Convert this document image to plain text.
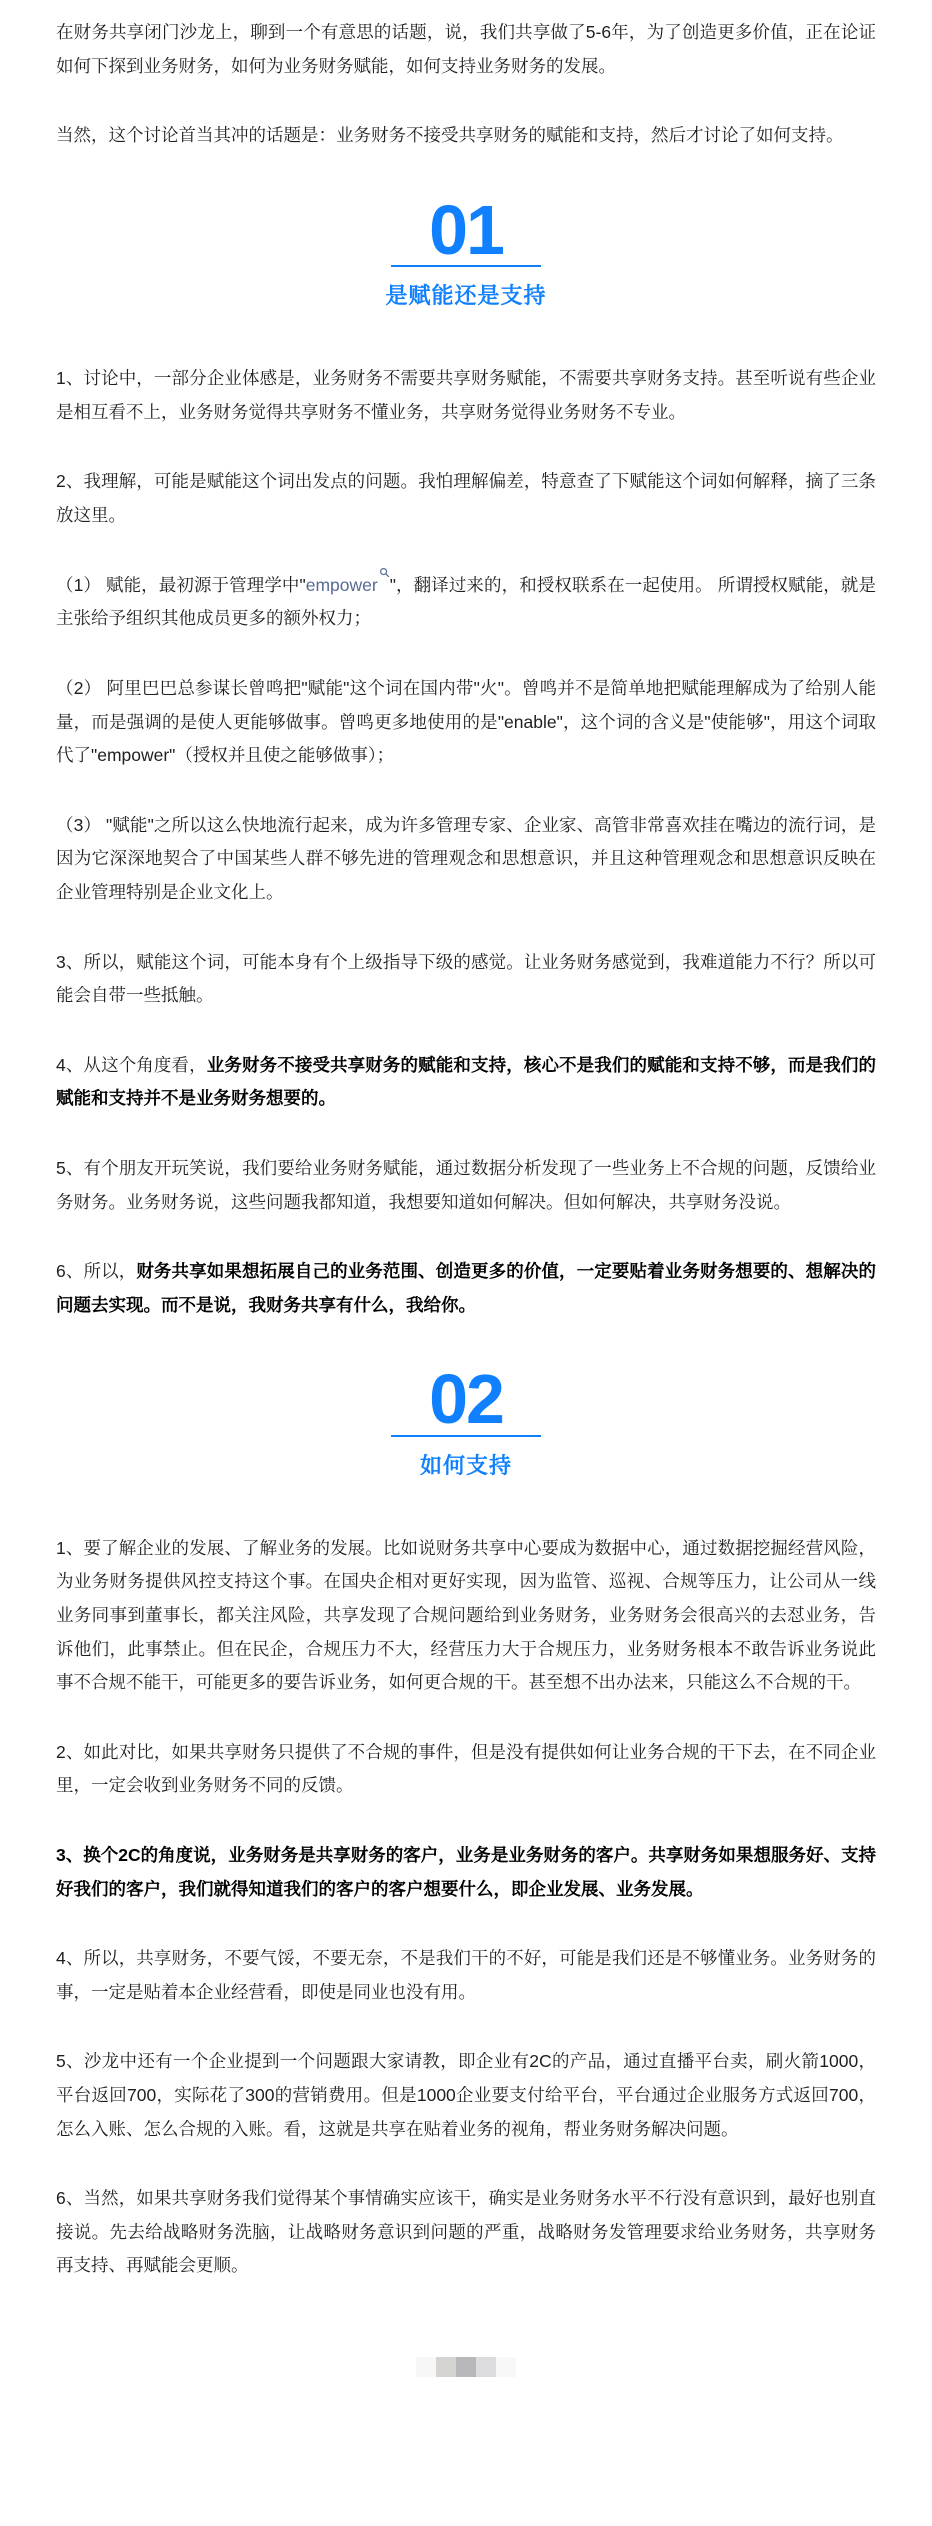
在财务共享闭门沙龙上，聊到一个有意思的话题，说，我们共享做了5-6年，为了创造更多价值，正在论证如何下探到业务财务，如何为业务财务赋能，如何支持业务财务的发展。

当然，这个讨论首当其冲的话题是：业务财务不接受共享财务的赋能和支持，然后才讨论了如何支持。

01
是赋能还是支持

1、讨论中，一部分企业体感是，业务财务不需要共享财务赋能，不需要共享财务支持。甚至听说有些企业是相互看不上，业务财务觉得共享财务不懂业务，共享财务觉得业务财务不专业。

2、我理解，可能是赋能这个词出发点的问题。我怕理解偏差，特意查了下赋能这个词如何解释，摘了三条放这里。

（1） 赋能，最初源于管理学中"empower "，翻译过来的，和授权联系在一起使用。 所谓授权赋能，就是主张给予组织其他成员更多的额外权力；

（2） 阿里巴巴总参谋长曾鸣把"赋能"这个词在国内带"火"。曾鸣并不是简单地把赋能理解成为了给别人能量，而是强调的是使人更能够做事。曾鸣更多地使用的是"enable"，这个词的含义是"使能够"，用这个词取代了"empower"（授权并且使之能够做事）；

（3） "赋能"之所以这么快地流行起来，成为许多管理专家、企业家、高管非常喜欢挂在嘴边的流行词，是因为它深深地契合了中国某些人群不够先进的管理观念和思想意识，并且这种管理观念和思想意识反映在企业管理特别是企业文化上。

3、所以，赋能这个词，可能本身有个上级指导下级的感觉。让业务财务感觉到，我难道能力不行？所以可能会自带一些抵触。

4、从这个角度看，业务财务不接受共享财务的赋能和支持，核心不是我们的赋能和支持不够，而是我们的赋能和支持并不是业务财务想要的。

5、有个朋友开玩笑说，我们要给业务财务赋能，通过数据分析发现了一些业务上不合规的问题，反馈给业务财务。业务财务说，这些问题我都知道，我想要知道如何解决。但如何解决，共享财务没说。

6、所以，财务共享如果想拓展自己的业务范围、创造更多的价值，一定要贴着业务财务想要的、想解决的问题去实现。而不是说，我财务共享有什么，我给你。

02
如何支持

1、要了解企业的发展、了解业务的发展。比如说财务共享中心要成为数据中心，通过数据挖掘经营风险，为业务财务提供风控支持这个事。在国央企相对更好实现，因为监管、巡视、合规等压力，让公司从一线业务同事到董事长，都关注风险，共享发现了合规问题给到业务财务，业务财务会很高兴的去怼业务，告诉他们，此事禁止。但在民企，合规压力不大，经营压力大于合规压力，业务财务根本不敢告诉业务说此事不合规不能干，可能更多的要告诉业务，如何更合规的干。甚至想不出办法来，只能这么不合规的干。

2、如此对比，如果共享财务只提供了不合规的事件，但是没有提供如何让业务合规的干下去，在不同企业里，一定会收到业务财务不同的反馈。

3、换个2C的角度说，业务财务是共享财务的客户，业务是业务财务的客户。共享财务如果想服务好、支持好我们的客户，我们就得知道我们的客户的客户想要什么，即企业发展、业务发展。

4、所以，共享财务，不要气馁，不要无奈，不是我们干的不好，可能是我们还是不够懂业务。业务财务的事，一定是贴着本企业经营看，即使是同业也没有用。

5、沙龙中还有一个企业提到一个问题跟大家请教，即企业有2C的产品，通过直播平台卖，刷火箭1000，平台返回700，实际花了300的营销费用。但是1000企业要支付给平台，平台通过企业服务方式返回700，怎么入账、怎么合规的入账。看，这就是共享在贴着业务的视角，帮业务财务解决问题。

6、当然，如果共享财务我们觉得某个事情确实应该干，确实是业务财务水平不行没有意识到，最好也别直接说。先去给战略财务洗脑，让战略财务意识到问题的严重，战略财务发管理要求给业务财务，共享财务再支持、再赋能会更顺。
